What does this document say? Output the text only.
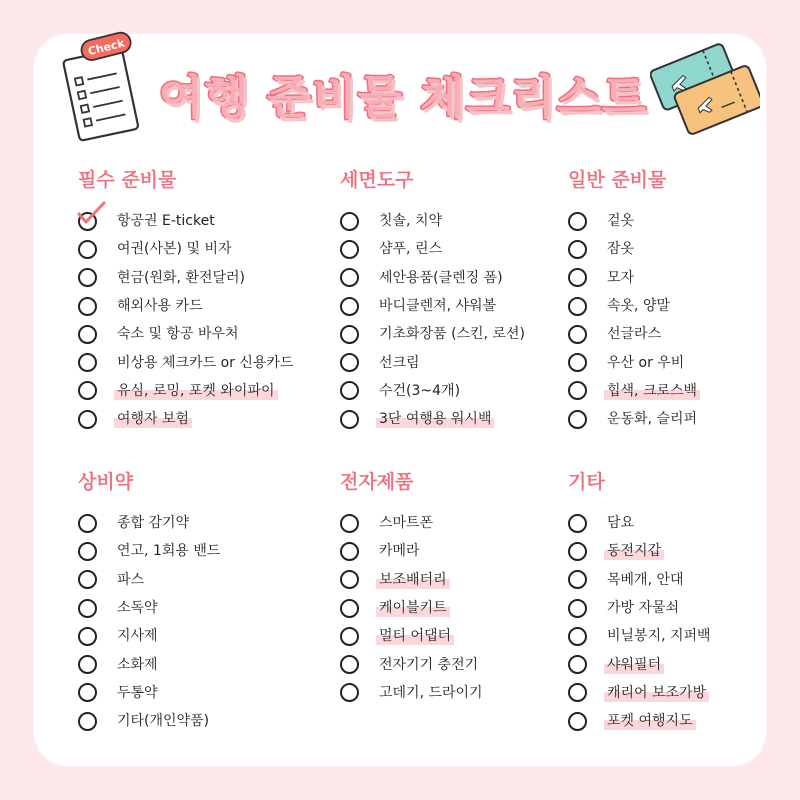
Check
여행 준비물 체크리스트
필수 준비물
항공권 E-ticket
여권(사본) 및 비자
현금(원화, 환전달러)
해외사용 카드
숙소 및 항공 바우처
비상용 체크카드 or 신용카드
유심, 로밍, 포켓 와이파이
여행자 보험
세면도구
칫솔, 치약
샴푸, 린스
세안용품(클렌징 폼)
바디클렌져, 샤워볼
기초화장품 (스킨, 로션)
선크림
수건(3~4개)
3단 여행용 워시백
일반 준비물
겉옷
잠옷
모자
속옷, 양말
선글라스
우산 or 우비
힙색, 크로스백
운동화, 슬리퍼
상비약
종합 감기약
연고, 1회용 밴드
파스
소독약
지사제
소화제
두통약
기타(개인약품)
전자제품
스마트폰
카메라
보조배터리
케이블키트
멀티 어댑터
전자기기 충전기
고데기, 드라이기
기타
담요
동전지갑
목베개, 안대
가방 자물쇠
비닐봉지, 지퍼백
샤워필터
캐리어 보조가방
포켓 여행지도
